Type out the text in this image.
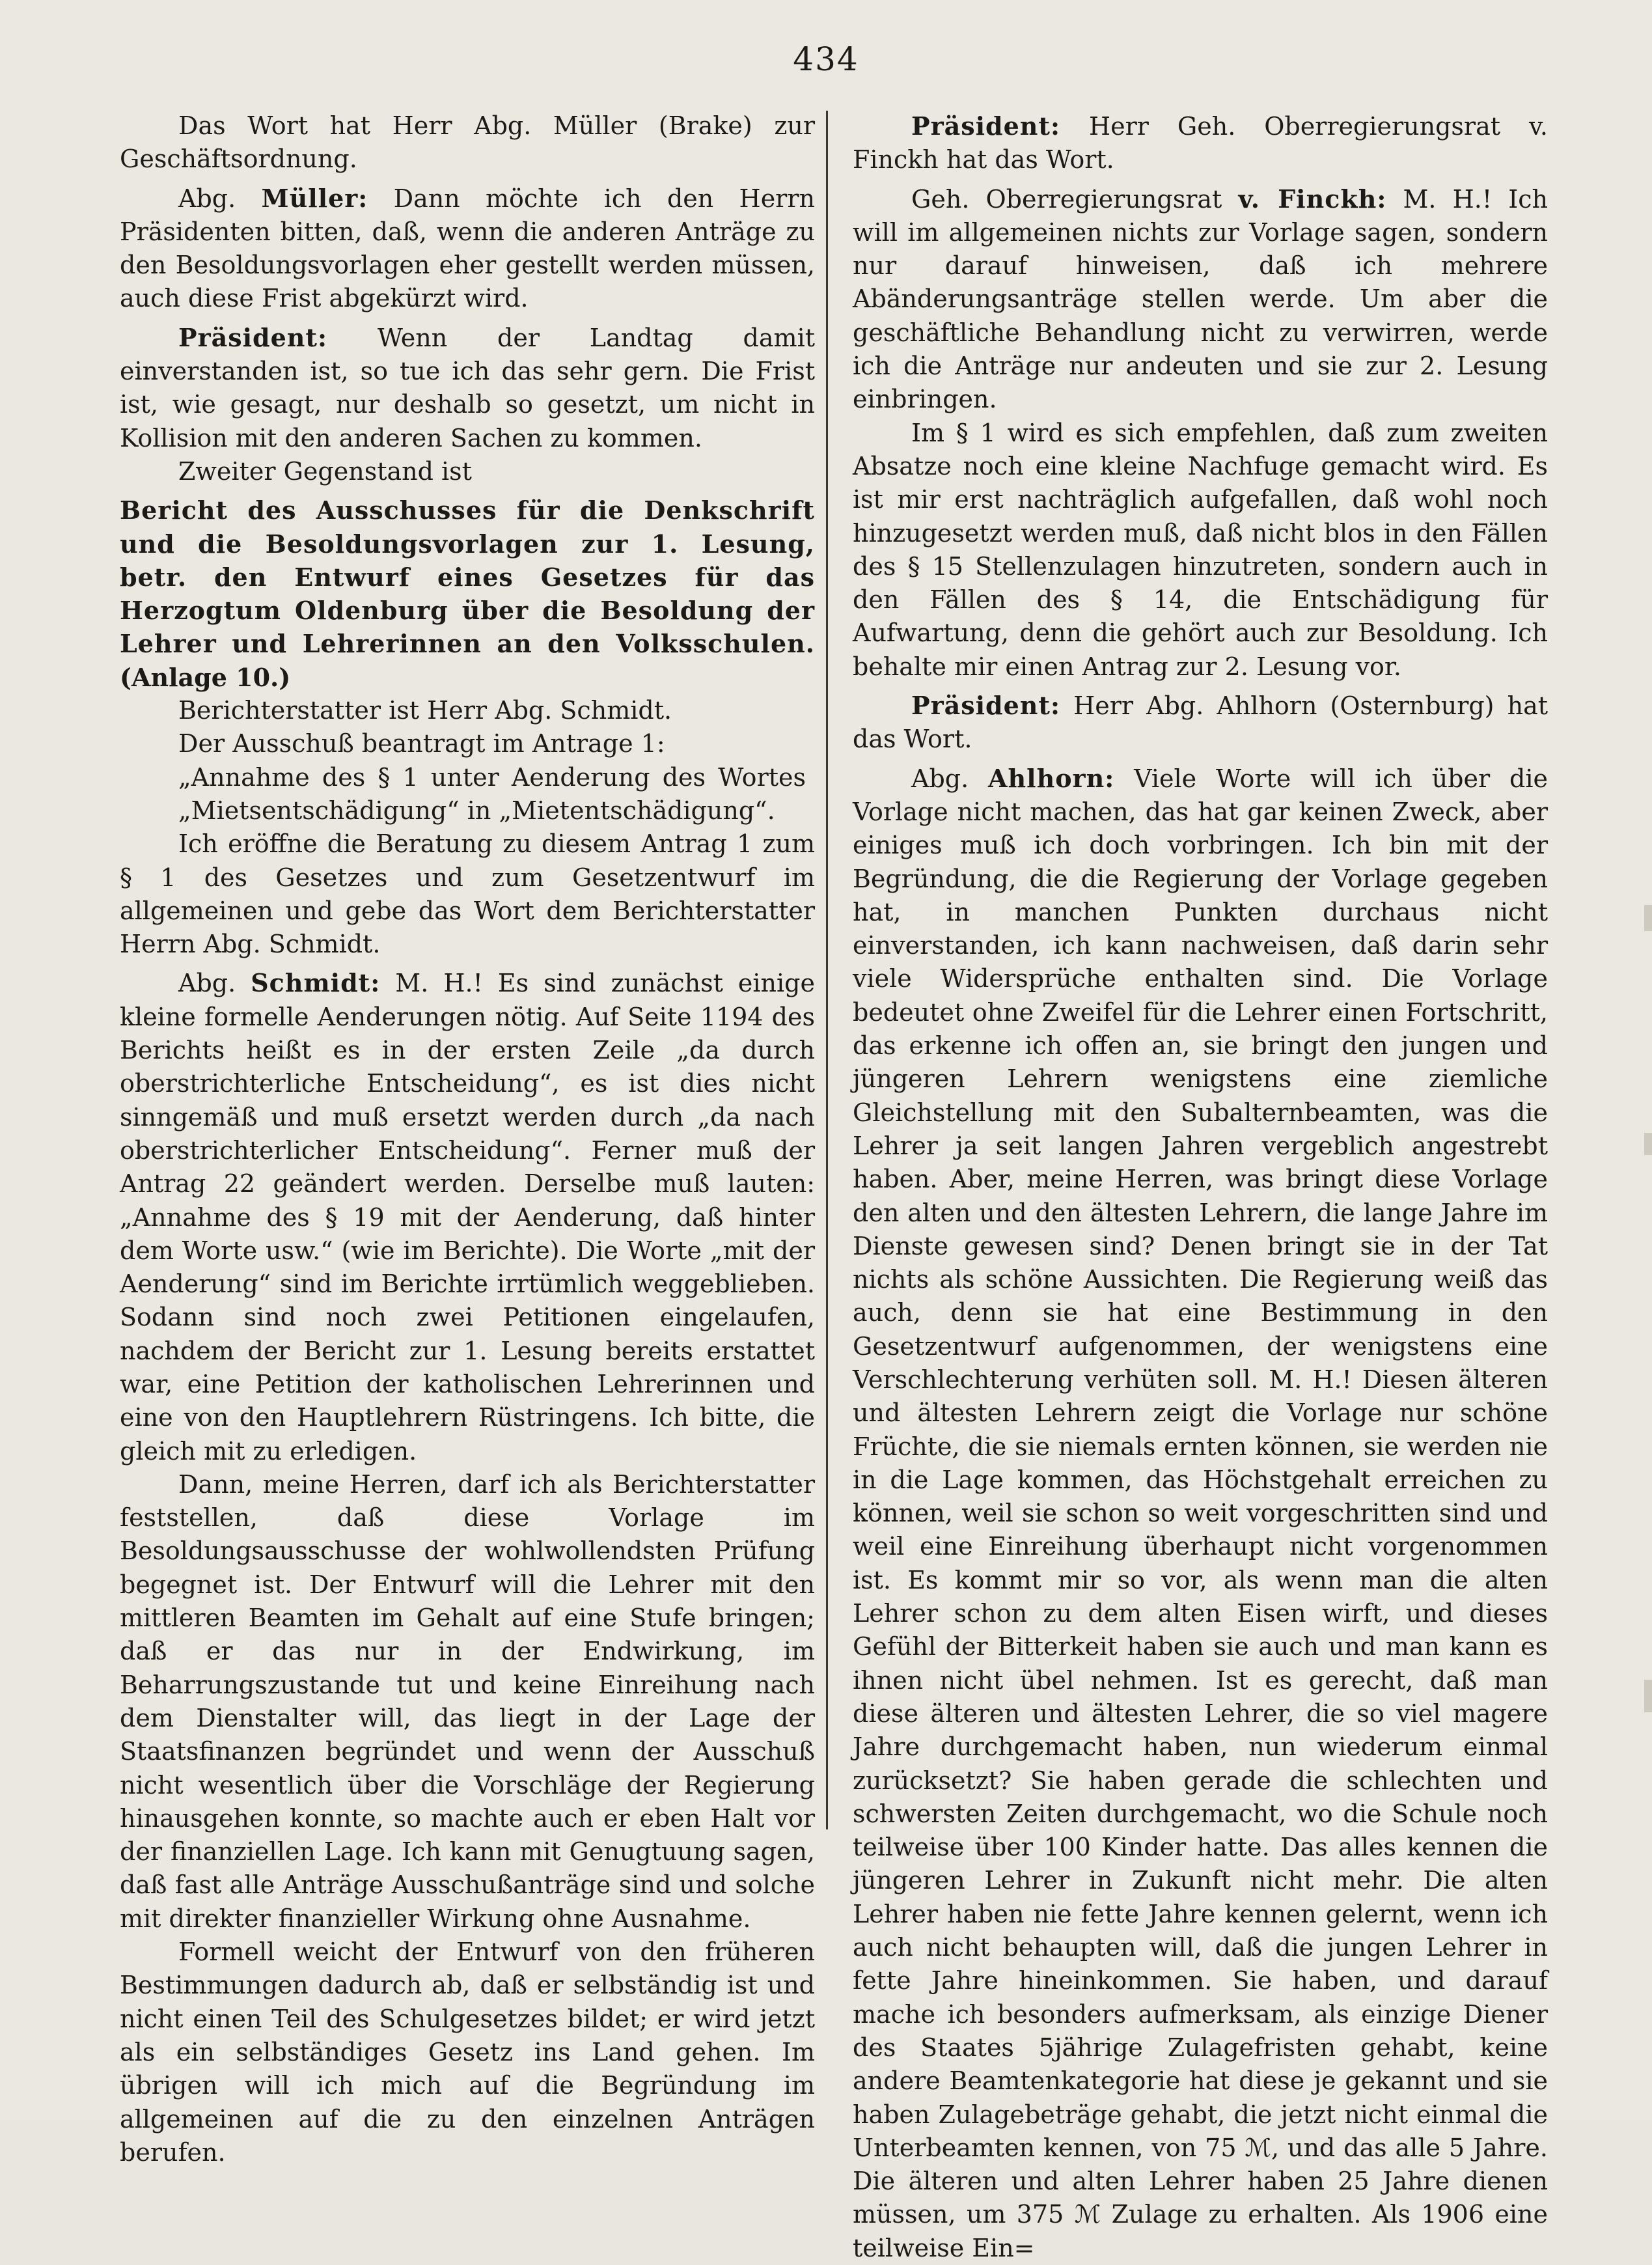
434

Das Wort hat Herr Abg. Müller (Brake) zur Geschäftsordnung.

Abg. Müller: Dann möchte ich den Herrn Präsidenten bitten, daß, wenn die anderen Anträge zu den Besoldungsvorlagen eher gestellt werden müssen, auch diese Frist abgekürzt wird.

Präsident: Wenn der Landtag damit einverstanden ist, so tue ich das sehr gern. Die Frist ist, wie gesagt, nur deshalb so gesetzt, um nicht in Kollision mit den anderen Sachen zu kommen.

Zweiter Gegenstand ist

Bericht des Ausschusses für die Denkschrift und die Besoldungsvorlagen zur 1. Lesung, betr. den Entwurf eines Gesetzes für das Herzogtum Oldenburg über die Besoldung der Lehrer und Lehrerinnen an den Volksschulen. (Anlage 10.)

Berichterstatter ist Herr Abg. Schmidt.

Der Ausschuß beantragt im Antrage 1:

„Annahme des § 1 unter Aenderung des Wortes „Mietsentschädigung“ in „Mietentschädigung“.

Ich eröffne die Beratung zu diesem Antrag 1 zum § 1 des Gesetzes und zum Gesetzentwurf im allgemeinen und gebe das Wort dem Berichterstatter Herrn Abg. Schmidt.

Abg. Schmidt: M. H.! Es sind zunächst einige kleine formelle Aenderungen nötig. Auf Seite 1194 des Berichts heißt es in der ersten Zeile „da durch oberstrichterliche Entscheidung“, es ist dies nicht sinngemäß und muß ersetzt werden durch „da nach oberstrichterlicher Entscheidung“. Ferner muß der Antrag 22 geändert werden. Derselbe muß lauten: „Annahme des § 19 mit der Aenderung, daß hinter dem Worte usw.“ (wie im Berichte). Die Worte „mit der Aenderung“ sind im Berichte irrtümlich weggeblieben. Sodann sind noch zwei Petitionen eingelaufen, nachdem der Bericht zur 1. Lesung bereits erstattet war, eine Petition der katholischen Lehrerinnen und eine von den Hauptlehrern Rüstringens. Ich bitte, die gleich mit zu erledigen.

Dann, meine Herren, darf ich als Berichterstatter feststellen, daß diese Vorlage im Besoldungsausschusse der wohlwollendsten Prüfung begegnet ist. Der Entwurf will die Lehrer mit den mittleren Beamten im Gehalt auf eine Stufe bringen; daß er das nur in der Endwirkung, im Beharrungszustande tut und keine Einreihung nach dem Dienstalter will, das liegt in der Lage der Staatsfinanzen begründet und wenn der Ausschuß nicht wesentlich über die Vorschläge der Regierung hinausgehen konnte, so machte auch er eben Halt vor der finanziellen Lage. Ich kann mit Genugtuung sagen, daß fast alle Anträge Ausschußanträge sind und solche mit direkter finanzieller Wirkung ohne Ausnahme.

Formell weicht der Entwurf von den früheren Bestimmungen dadurch ab, daß er selbständig ist und nicht einen Teil des Schulgesetzes bildet; er wird jetzt als ein selbständiges Gesetz ins Land gehen. Im übrigen will ich mich auf die Begründung im allgemeinen auf die zu den einzelnen Anträgen berufen.

Präsident: Herr Geh. Oberregierungsrat v. Finckh hat das Wort.

Geh. Oberregierungsrat v. Finckh: M. H.! Ich will im allgemeinen nichts zur Vorlage sagen, sondern nur darauf hinweisen, daß ich mehrere Abänderungsanträge stellen werde. Um aber die geschäftliche Behandlung nicht zu verwirren, werde ich die Anträge nur andeuten und sie zur 2. Lesung einbringen.

Im § 1 wird es sich empfehlen, daß zum zweiten Absatze noch eine kleine Nachfuge gemacht wird. Es ist mir erst nachträglich aufgefallen, daß wohl noch hinzugesetzt werden muß, daß nicht blos in den Fällen des § 15 Stellenzulagen hinzutreten, sondern auch in den Fällen des § 14, die Entschädigung für Aufwartung, denn die gehört auch zur Besoldung. Ich behalte mir einen Antrag zur 2. Lesung vor.

Präsident: Herr Abg. Ahlhorn (Osternburg) hat das Wort.

Abg. Ahlhorn: Viele Worte will ich über die Vorlage nicht machen, das hat gar keinen Zweck, aber einiges muß ich doch vorbringen. Ich bin mit der Begründung, die die Regierung der Vorlage gegeben hat, in manchen Punkten durchaus nicht einverstanden, ich kann nachweisen, daß darin sehr viele Widersprüche enthalten sind. Die Vorlage bedeutet ohne Zweifel für die Lehrer einen Fortschritt, das erkenne ich offen an, sie bringt den jungen und jüngeren Lehrern wenigstens eine ziemliche Gleichstellung mit den Subalternbeamten, was die Lehrer ja seit langen Jahren vergeblich angestrebt haben. Aber, meine Herren, was bringt diese Vorlage den alten und den ältesten Lehrern, die lange Jahre im Dienste gewesen sind? Denen bringt sie in der Tat nichts als schöne Aussichten. Die Regierung weiß das auch, denn sie hat eine Bestimmung in den Gesetzentwurf aufgenommen, der wenigstens eine Verschlechterung verhüten soll. M. H.! Diesen älteren und ältesten Lehrern zeigt die Vorlage nur schöne Früchte, die sie niemals ernten können, sie werden nie in die Lage kommen, das Höchstgehalt erreichen zu können, weil sie schon so weit vorgeschritten sind und weil eine Einreihung überhaupt nicht vorgenommen ist. Es kommt mir so vor, als wenn man die alten Lehrer schon zu dem alten Eisen wirft, und dieses Gefühl der Bitterkeit haben sie auch und man kann es ihnen nicht übel nehmen. Ist es gerecht, daß man diese älteren und ältesten Lehrer, die so viel magere Jahre durchgemacht haben, nun wiederum einmal zurücksetzt? Sie haben gerade die schlechten und schwersten Zeiten durchgemacht, wo die Schule noch teilweise über 100 Kinder hatte. Das alles kennen die jüngeren Lehrer in Zukunft nicht mehr. Die alten Lehrer haben nie fette Jahre kennen gelernt, wenn ich auch nicht behaupten will, daß die jungen Lehrer in fette Jahre hineinkommen. Sie haben, und darauf mache ich besonders aufmerksam, als einzige Diener des Staates 5jährige Zulagefristen gehabt, keine andere Beamtenkategorie hat diese je gekannt und sie haben Zulagebeträge gehabt, die jetzt nicht einmal die Unterbeamten kennen, von 75 ℳ, und das alle 5 Jahre. Die älteren und alten Lehrer haben 25 Jahre dienen müssen, um 375 ℳ Zulage zu erhalten. Als 1906 eine teilweise Ein=
